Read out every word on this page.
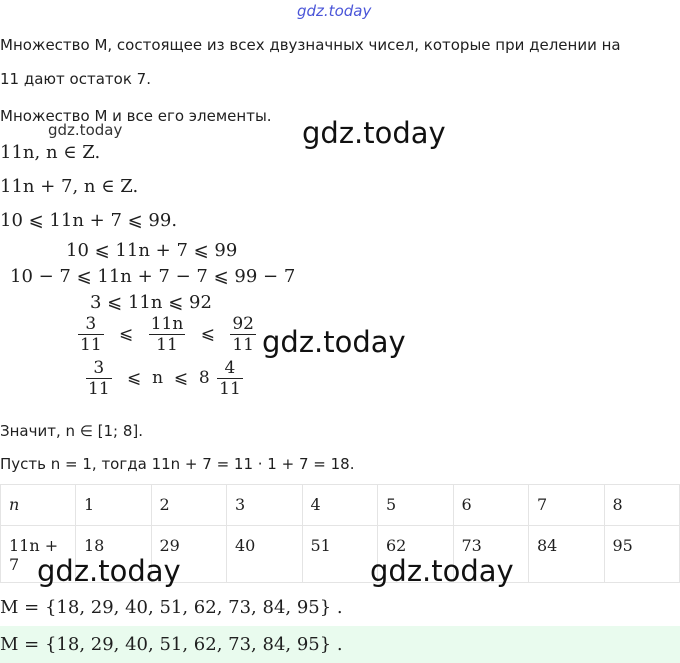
gdz.today
gdz.today	gdz.today
gdz.today
gdz.today	gdz.today
Множество M, состоящее из всех двузначных чисел, которые при делении на
11 дают остаток 7.
Множество M и все его элементы.
11n, n ∈ Z.
11n + 7, n ∈ Z.
10 ⩽ 11n + 7 ⩽ 99.
10 ⩽ 11n + 7 ⩽ 99
10 − 7 ⩽ 11n + 7 − 7 ⩽ 99 − 7
3 ⩽ 11n ⩽ 92
$\frac{3}{11}$ ⩽ $\frac{11n}{11}$ ⩽ $\frac{92}{11}$
$\frac{3}{11}$ ⩽  n  ⩽  $8 \frac{4}{11}$
Значит, n ∈ [1; 8].
Пусть n = 1, тогда 11n + 7 = 11 · 1 + 7 = 18.
n	1	2	3	4	5	6	7	8

11n +
7	18	29	40	51	62	73	84	95
M = {18, 29, 40, 51, 62, 73, 84, 95} .
M = {18, 29, 40, 51, 62, 73, 84, 95} .
